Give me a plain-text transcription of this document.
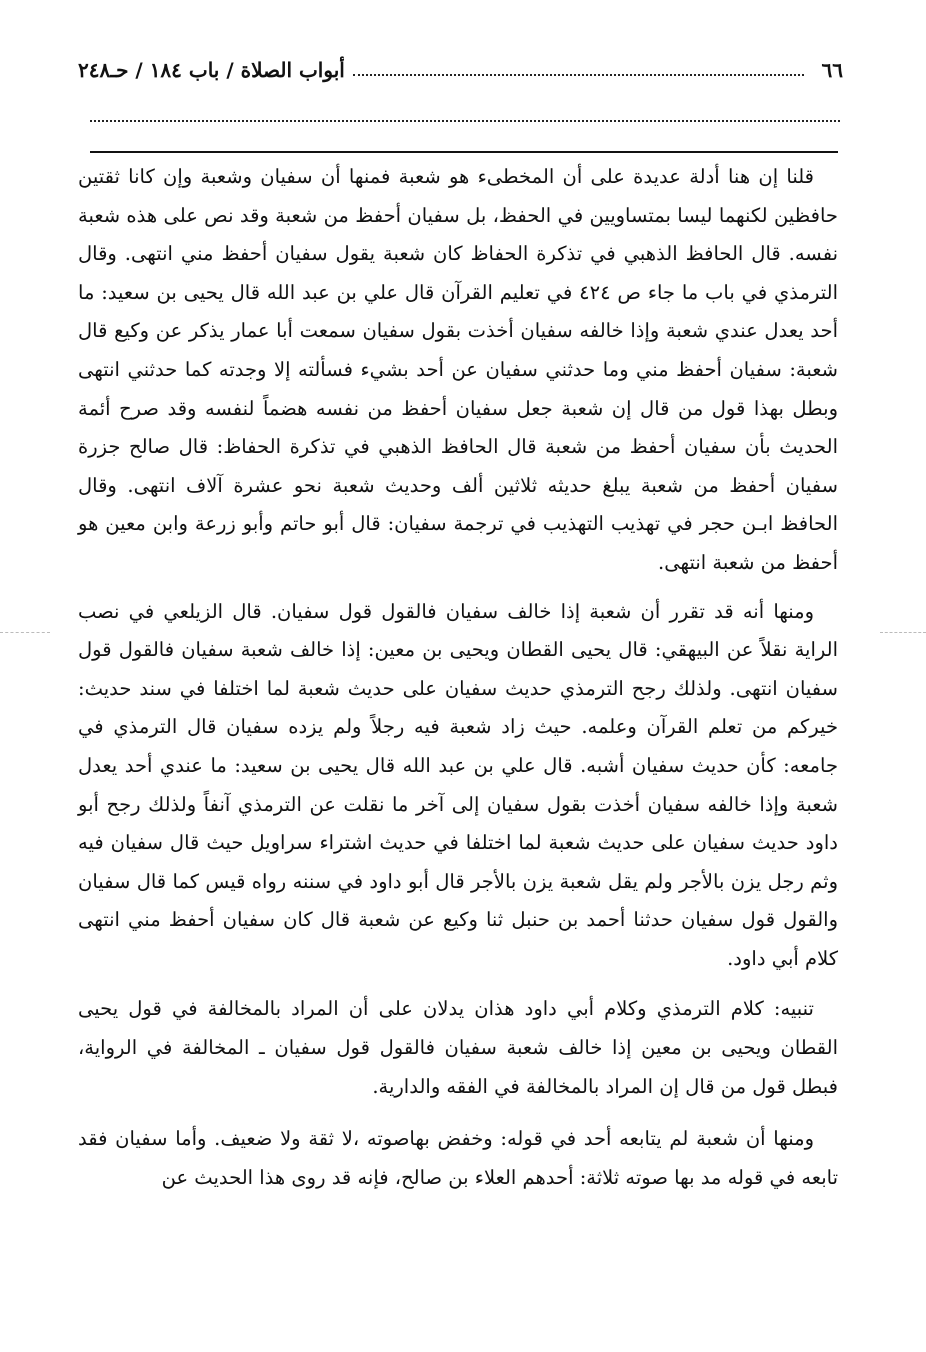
٦٦
أبواب الصلاة / باب ١٨٤ / حـ٢٤٨

قلنا إن هنا أدلة عديدة على أن المخطىء هو شعبة فمنها أن سفيان وشعبة وإن كانا ثقتين حافظين لكنهما ليسا بمتساويين في الحفظ، بل سفيان أحفظ من شعبة وقد نص على هذه شعبة نفسه. قال الحافظ الذهبي في تذكرة الحفاظ كان شعبة يقول سفيان أحفظ مني انتهى. وقال الترمذي في باب ما جاء ص ٤٢٤ في تعليم القرآن قال علي بن عبد الله قال يحيى بن سعيد: ما أحد يعدل عندي شعبة وإذا خالفه سفيان أخذت بقول سفيان سمعت أبا عمار يذكر عن وكيع قال شعبة: سفيان أحفظ مني وما حدثني سفيان عن أحد بشيء فسألته إلا وجدته كما حدثني انتهى وبطل بهذا قول من قال إن شعبة جعل سفيان أحفظ من نفسه هضماً لنفسه وقد صرح أئمة الحديث بأن سفيان أحفظ من شعبة قال الحافظ الذهبي في تذكرة الحفاظ: قال صالح جزرة سفيان أحفظ من شعبة يبلغ حديثه ثلاثين ألف وحديث شعبة نحو عشرة آلاف انتهى. وقال الحافظ ابـن حجر في تهذيب التهذيب في ترجمة سفيان: قال أبو حاتم وأبو زرعة وابن معين هو أحفظ من شعبة انتهى.

ومنها أنه قد تقرر أن شعبة إذا خالف سفيان فالقول قول سفيان. قال الزيلعي في نصب الراية نقلاً عن البيهقي: قال يحيى القطان ويحيى بن معين: إذا خالف شعبة سفيان فالقول قول سفيان انتهى. ولذلك رجح الترمذي حديث سفيان على حديث شعبة لما اختلفا في سند حديث: خيركم من تعلم القرآن وعلمه. حيث زاد شعبة فيه رجلاً ولم يزده سفيان قال الترمذي في جامعه: كأن حديث سفيان أشبه. قال علي بن عبد الله قال يحيى بن سعيد: ما عندي أحد يعدل شعبة وإذا خالفه سفيان أخذت بقول سفيان إلى آخر ما نقلت عن الترمذي آنفاً ولذلك رجح أبو داود حديث سفيان على حديث شعبة لما اختلفا في حديث اشتراء سراويل حيث قال سفيان فيه وثم رجل يزن بالأجر ولم يقل شعبة يزن بالأجر قال أبو داود في سننه رواه قيس كما قال سفيان والقول قول سفيان حدثنا أحمد بن حنبل ثنا وكيع عن شعبة قال كان سفيان أحفظ مني انتهى كلام أبي داود.

تنبيه: كلام الترمذي وكلام أبي داود هذان يدلان على أن المراد بالمخالفة في قول يحيى القطان ويحيى بن معين إذا خالف شعبة سفيان فالقول قول سفيان ـ المخالفة في الرواية، فبطل قول من قال إن المراد بالمخالفة في الفقه والدارية.

ومنها أن شعبة لم يتابعه أحد في قوله: وخفض بهاصوته ،لا ثقة ولا ضعيف. وأما سفيان فقد تابعه في قوله مد بها صوته ثلاثة: أحدهم العلاء بن صالح، فإنه قد روى هذا الحديث عن
